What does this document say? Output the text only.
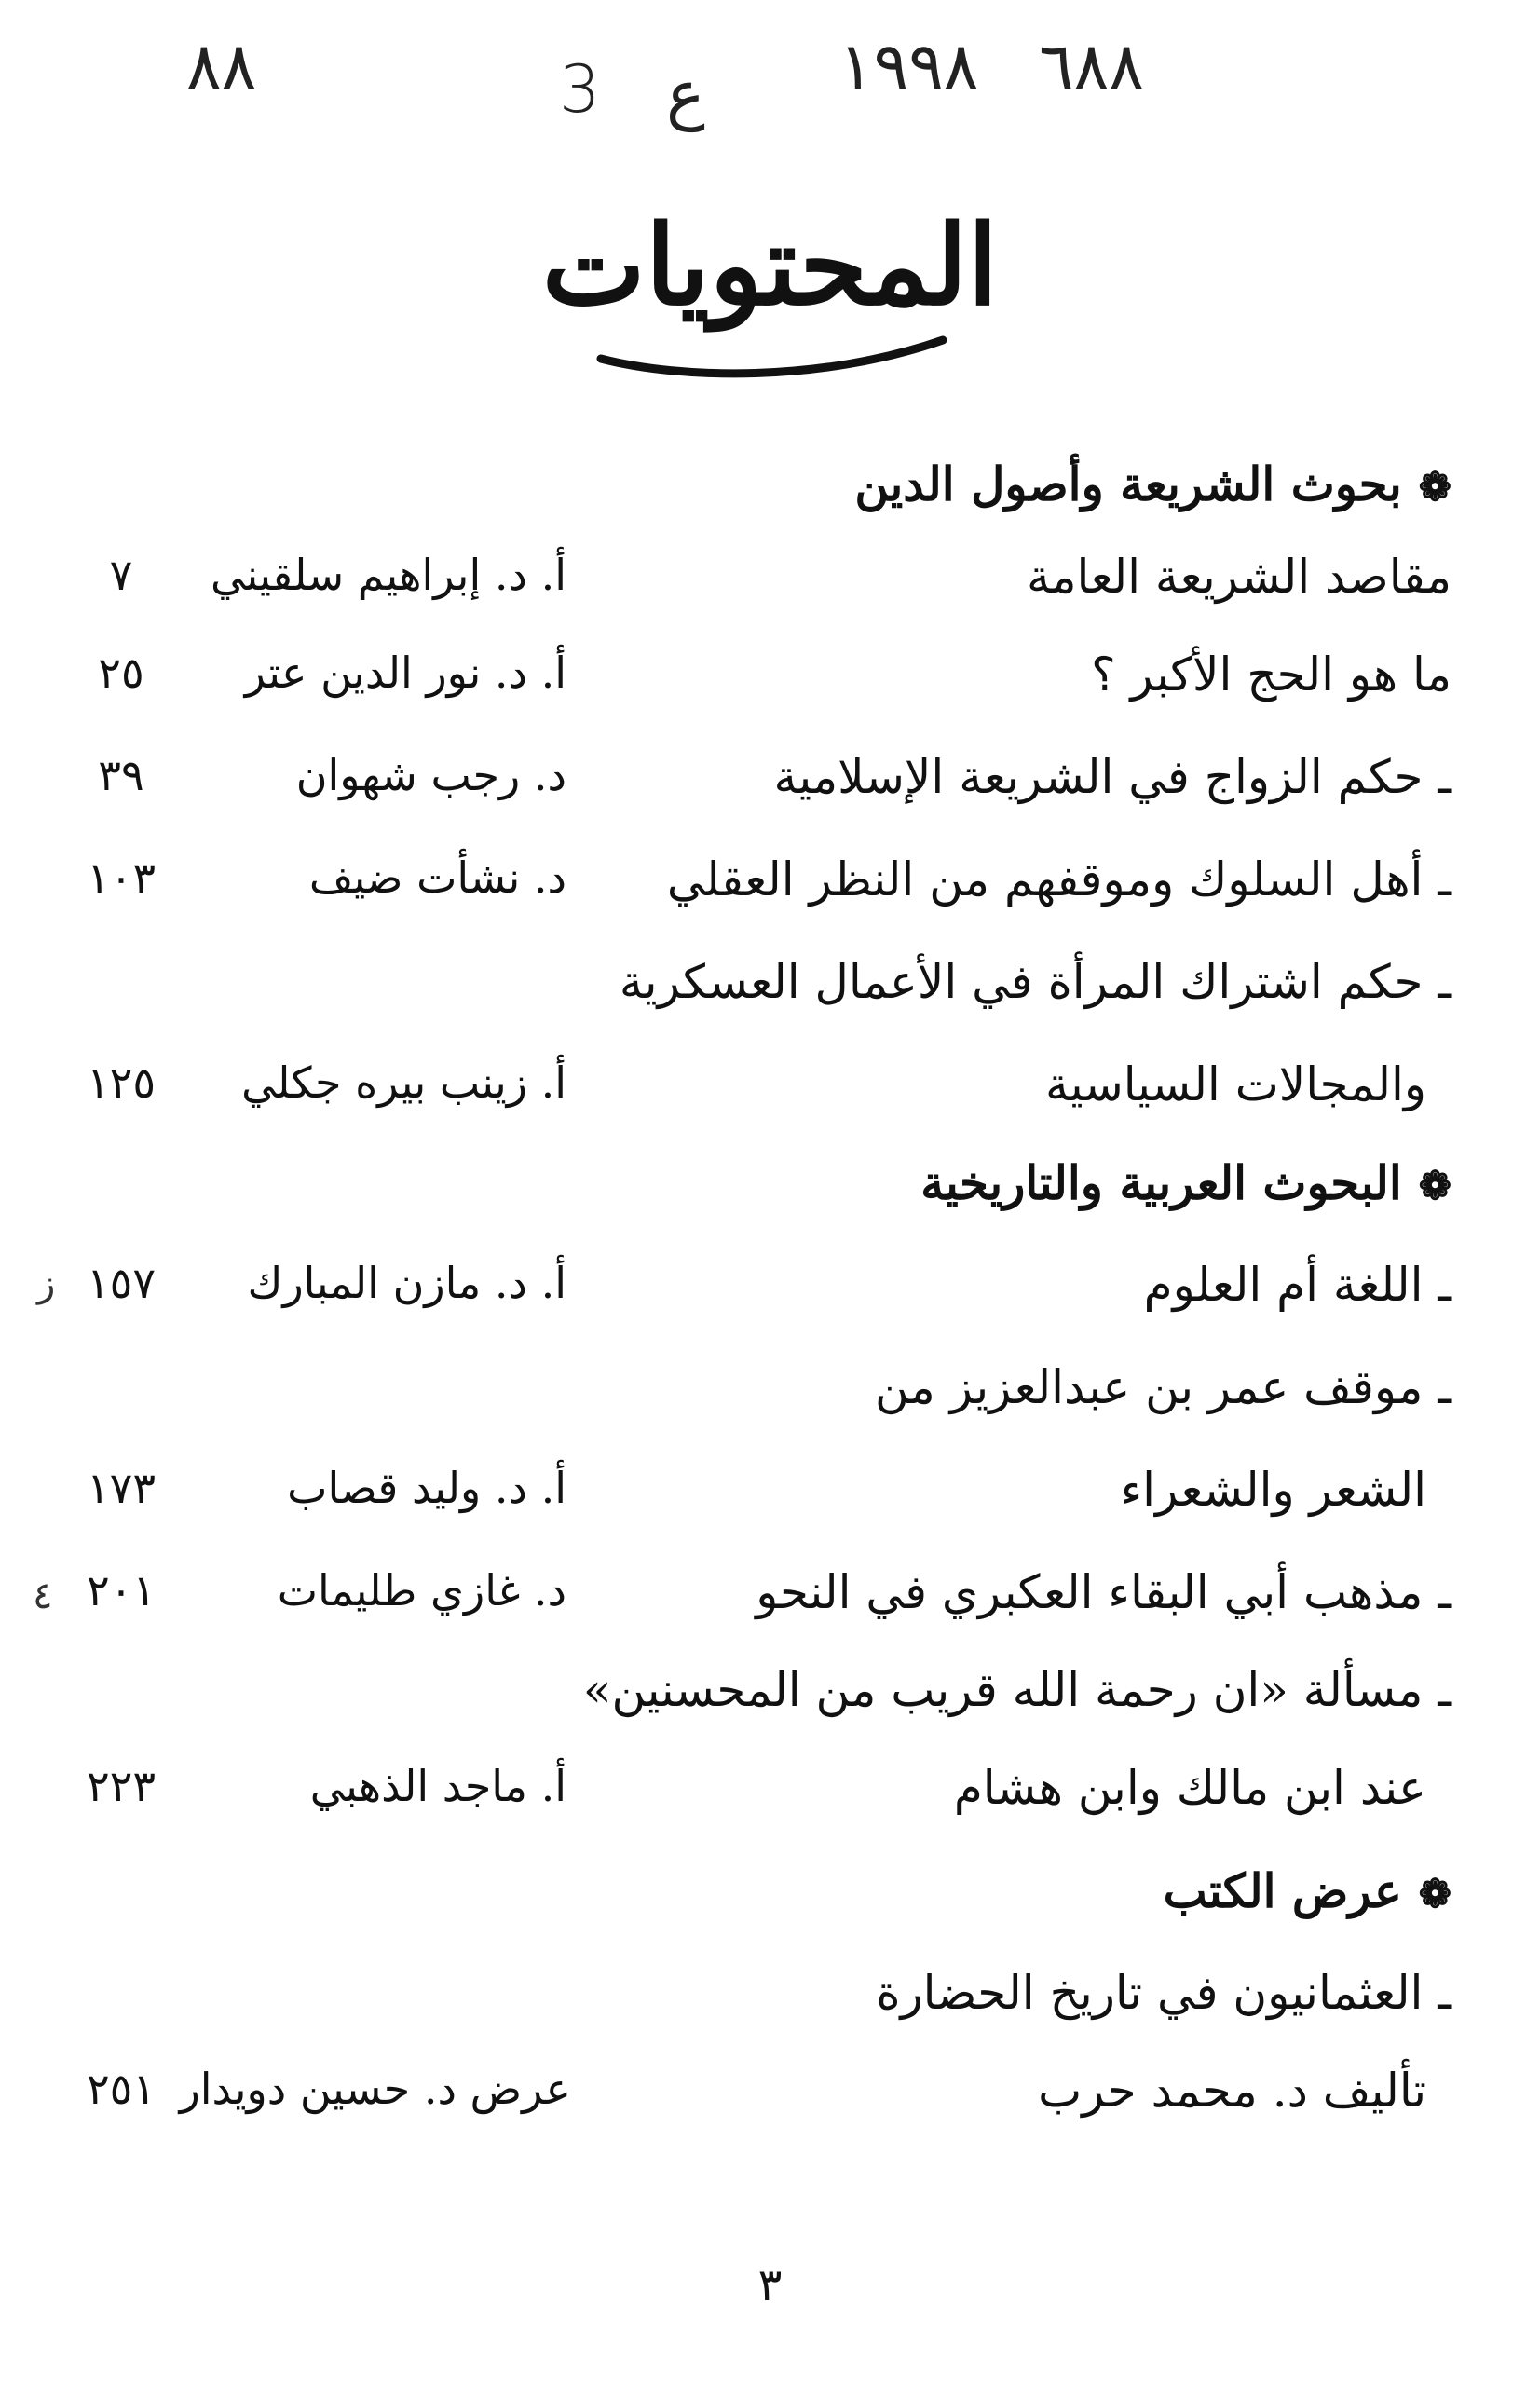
٦٨٨
١٩٩٨
ع
3
٨٨
المحتويات
❁بحوث الشريعة وأصول الدين
مقاصد الشريعة العامة
أ. د. إبراهيم سلقيني
٧
ما هو الحج الأكبر ؟
أ. د. نور الدين عتر
٢٥
ـ حكم الزواج في الشريعة الإسلامية
د. رجب شهوان
٣٩
ـ أهل السلوك وموقفهم من النظر العقلي
د. نشأت ضيف
١٠٣
ـ حكم اشتراك المرأة في الأعمال العسكرية
والمجالات السياسية
أ. زينب بيره جكلي
١٢٥
❁البحوث العربية والتاريخية
ـ اللغة أم العلوم
أ. د. مازن المبارك
١٥٧
ز
ـ موقف عمر بن عبدالعزيز من
الشعر والشعراء
أ. د. وليد قصاب
١٧٣
ـ مذهب أبي البقاء العكبري في النحو
د. غازي طليمات
٢٠١
٤
ـ مسألة «ان رحمة الله قريب من المحسنين»
عند ابن مالك وابن هشام
أ. ماجد الذهبي
٢٢٣
❁عرض الكتب
ـ العثمانيون في تاريخ الحضارة
تأليف د. محمد حرب
عرض د. حسين دويدار
٢٥١
٣
